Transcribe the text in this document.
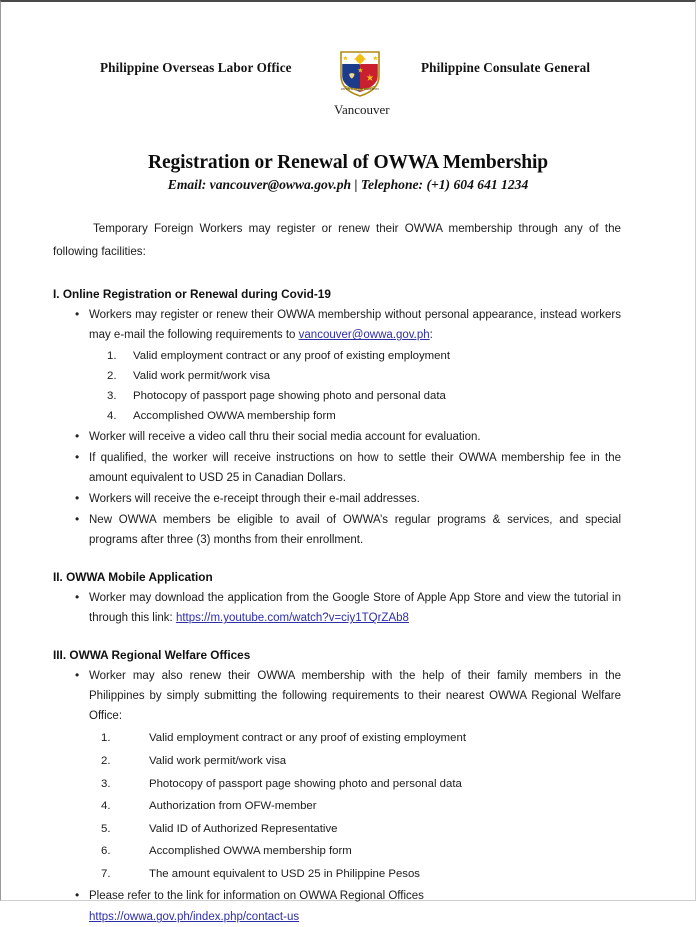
Philippine Overseas Labor Office
REPUBLIC OF THE PHILIPPINES
Vancouver
Philippine Consulate General
Registration or Renewal of OWWA Membership
Email: vancouver@owwa.gov.ph | Telephone: (+1) 604 641 1234

Temporary Foreign Workers may register or renew their OWWA membership through any of the following facilities:

I. Online Registration or Renewal during Covid-19
• Workers may register or renew their OWWA membership without personal appearance, instead workers may e-mail the following requirements to vancouver@owwa.gov.ph:
1. Valid employment contract or any proof of existing employment
2. Valid work permit/work visa
3. Photocopy of passport page showing photo and personal data
4. Accomplished OWWA membership form
• Worker will receive a video call thru their social media account for evaluation.
• If qualified, the worker will receive instructions on how to settle their OWWA membership fee in the amount equivalent to USD 25 in Canadian Dollars.
• Workers will receive the e-receipt through their e-mail addresses.
• New OWWA members be eligible to avail of OWWA’s regular programs & services, and special programs after three (3) months from their enrollment.
II. OWWA Mobile Application
• Worker may download the application from the Google Store of Apple App Store and view the tutorial in through this link: https://m.youtube.com/watch?v=ciy1TQrZAb8
III. OWWA Regional Welfare Offices
• Worker may also renew their OWWA membership with the help of their family members in the Philippines by simply submitting the following requirements to their nearest OWWA Regional Welfare Office:
1.	Valid employment contract or any proof of existing employment
2.	Valid work permit/work visa
3.	Photocopy of passport page showing photo and personal data
4.	Authorization from OFW-member
5.	Valid ID of Authorized Representative
6.	Accomplished OWWA membership form
7.	The amount equivalent to USD 25 in Philippine Pesos
• Please refer to the link for information on OWWA Regional Offices
https://owwa.gov.ph/index.php/contact-us
